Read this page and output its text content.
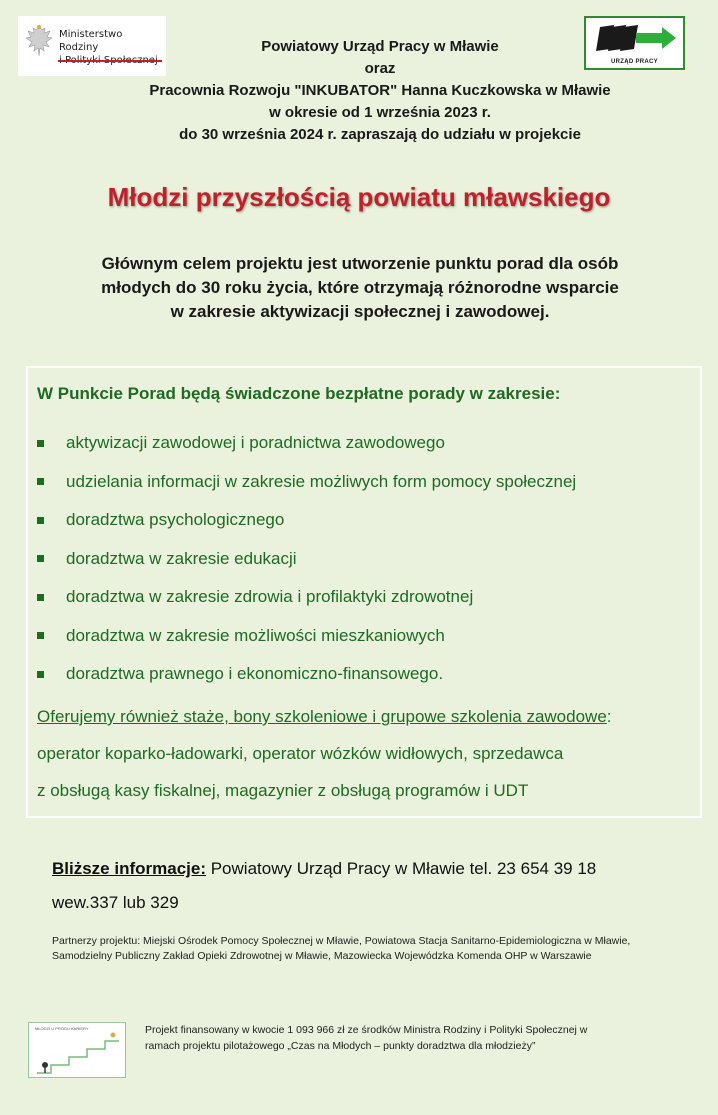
Ministerstwo Rodziny
URZĄD PRACY
Powiatowy Urząd Pracy w Mławie
oraz
Pracownia Rozwoju "INKUBATOR" Hanna Kuczkowska w Mławie
w okresie od 1 września 2023 r.
do 30 września 2024 r. zapraszają do udziału w projekcie
Młodzi przyszłością powiatu mławskiego
Głównym celem projektu jest utworzenie punktu porad dla osób
młodych do 30 roku życia, które otrzymają różnorodne wsparcie
w zakresie aktywizacji społecznej i zawodowej.
W Punkcie Porad będą świadczone bezpłatne porady w zakresie:
aktywizacji zawodowej i poradnictwa zawodowego
udzielania informacji w zakresie możliwych form pomocy społecznej
doradztwa psychologicznego
doradztwa w zakresie edukacji
doradztwa w zakresie zdrowia i profilaktyki zdrowotnej
doradztwa w zakresie możliwości mieszkaniowych
doradztwa prawnego i ekonomiczno-finansowego.
Oferujemy również staże, bony szkoleniowe i grupowe szkolenia zawodowe:
operator koparko-ładowarki, operator wózków widłowych, sprzedawca
z obsługą kasy fiskalnej, magazynier z obsługą programów i UDT
Bliższe informacje: Powiatowy Urząd Pracy w Mławie tel. 23 654 39 18
wew.337 lub 329
Partnerzy projektu: Miejski Ośrodek Pomocy Społecznej w Mławie, Powiatowa Stacja Sanitarno-Epidemiologiczna w Mławie, Samodzielny Publiczny Zakład Opieki Zdrowotnej w Mławie, Mazowiecka Wojewódzka Komenda OHP w Warszawie
MŁODZI U PROGU KARIERY	Projekt finansowany w kwocie 1 093 966 zł ze środków Ministra Rodziny i Polityki Społecznej w ramach projektu pilotażowego „Czas na Młodych – punkty doradztwa dla młodzieży”
